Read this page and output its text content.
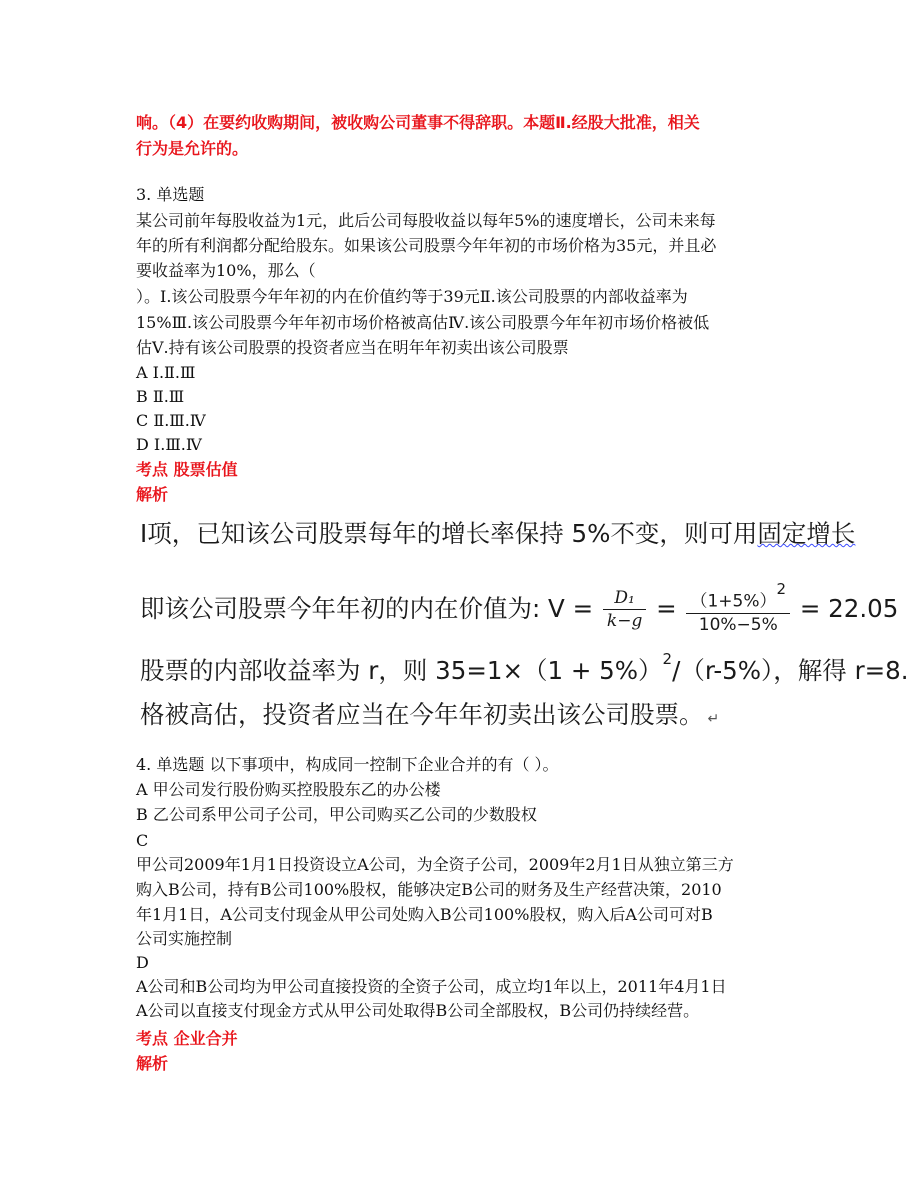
响。（4）在要约收购期间，被收购公司董事不得辞职。本题Ⅱ.经股大批准，相关
行为是允许的。
3. 单选题
某公司前年每股收益为1元，此后公司每股收益以每年5%的速度增长，公司未来每
年的所有利润都分配给股东。如果该公司股票今年年初的市场价格为35元，并且必
要收益率为10%，那么（
）。Ⅰ.该公司股票今年年初的内在价值约等于39元Ⅱ.该公司股票的内部收益率为
15%Ⅲ.该公司股票今年年初市场价格被高估Ⅳ.该公司股票今年年初市场价格被低
估Ⅴ.持有该公司股票的投资者应当在明年年初卖出该公司股票
A Ⅰ.Ⅱ.Ⅲ
B Ⅱ.Ⅲ
C Ⅱ.Ⅲ.Ⅳ
D Ⅰ.Ⅲ.Ⅳ
考点 股票估值
解析
Ⅰ项，已知该公司股票每年的增长率保持 5%不变，则可用固定增长
即该公司股票今年年初的内在价值为: $V = \frac{\text{D₁}}{k-g} = \frac{(1+5\%)^2}{10\%-5\%} = 22.05$
股票的内部收益率为 r，则 $35=1\times(1 + 5\%)^2/(r-5\%)$，解得 r=8.
格被高估，投资者应当在今年年初卖出该公司股票。 ↵
4. 单选题 以下事项中，构成同一控制下企业合并的有（ ）。
A 甲公司发行股份购买控股股东乙的办公楼
B 乙公司系甲公司子公司，甲公司购买乙公司的少数股权
C
甲公司2009年1月1日投资设立A公司，为全资子公司，2009年2月1日从独立第三方
购入B公司，持有B公司100%股权，能够决定B公司的财务及生产经营决策，2010
年1月1日，A公司支付现金从甲公司处购入B公司100%股权，购入后A公司可对B
公司实施控制
D
A公司和B公司均为甲公司直接投资的全资子公司，成立均1年以上，2011年4月1日
A公司以直接支付现金方式从甲公司处取得B公司全部股权，B公司仍持续经营。
考点 企业合并
解析
